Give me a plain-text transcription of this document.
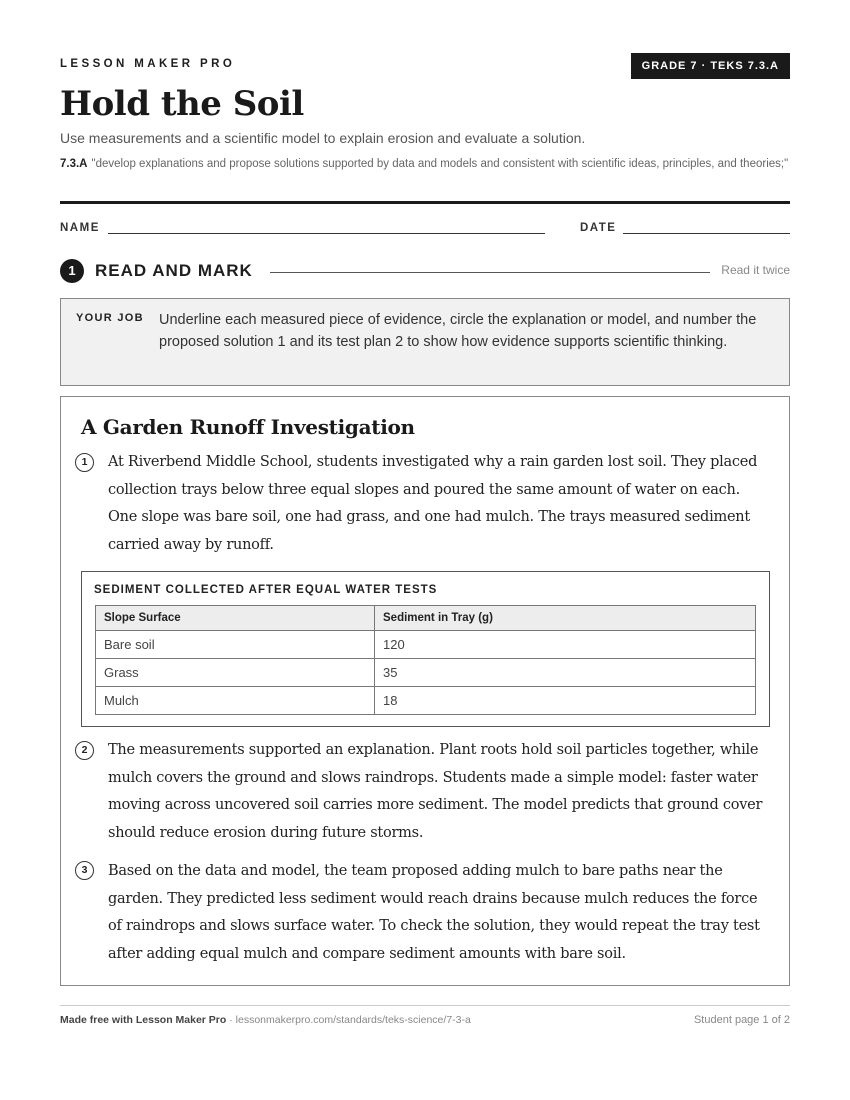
LESSON MAKER PRO	GRADE 7 · TEKS 7.3.A
Hold the Soil
Use measurements and a scientific model to explain erosion and evaluate a solution.
7.3.A "develop explanations and propose solutions supported by data and models and consistent with scientific ideas, principles, and theories;"
NAME	DATE
1	READ AND MARK	Read it twice
YOUR JOB Underline each measured piece of evidence, circle the explanation or model, and number the proposed solution 1 and its test plan 2 to show how evidence supports scientific thinking.
A Garden Runoff Investigation
1	At Riverbend Middle School, students investigated why a rain garden lost soil. They placed collection trays below three equal slopes and poured the same amount of water on each. One slope was bare soil, one had grass, and one had mulch. The trays measured sediment carried away by runoff.
SEDIMENT COLLECTED AFTER EQUAL WATER TESTS
Slope Surface	Sediment in Tray (g)
Bare soil	120
Grass	35
Mulch	18
2	The measurements supported an explanation. Plant roots hold soil particles together, while mulch covers the ground and slows raindrops. Students made a simple model: faster water moving across uncovered soil carries more sediment. The model predicts that ground cover should reduce erosion during future storms.
3	Based on the data and model, the team proposed adding mulch to bare paths near the garden. They predicted less sediment would reach drains because mulch reduces the force of raindrops and slows surface water. To check the solution, they would repeat the tray test after adding equal mulch and compare sediment amounts with bare soil.
Made free with Lesson Maker Pro · lessonmakerpro.com/standards/teks-science/7-3-a	Student page 1 of 2
